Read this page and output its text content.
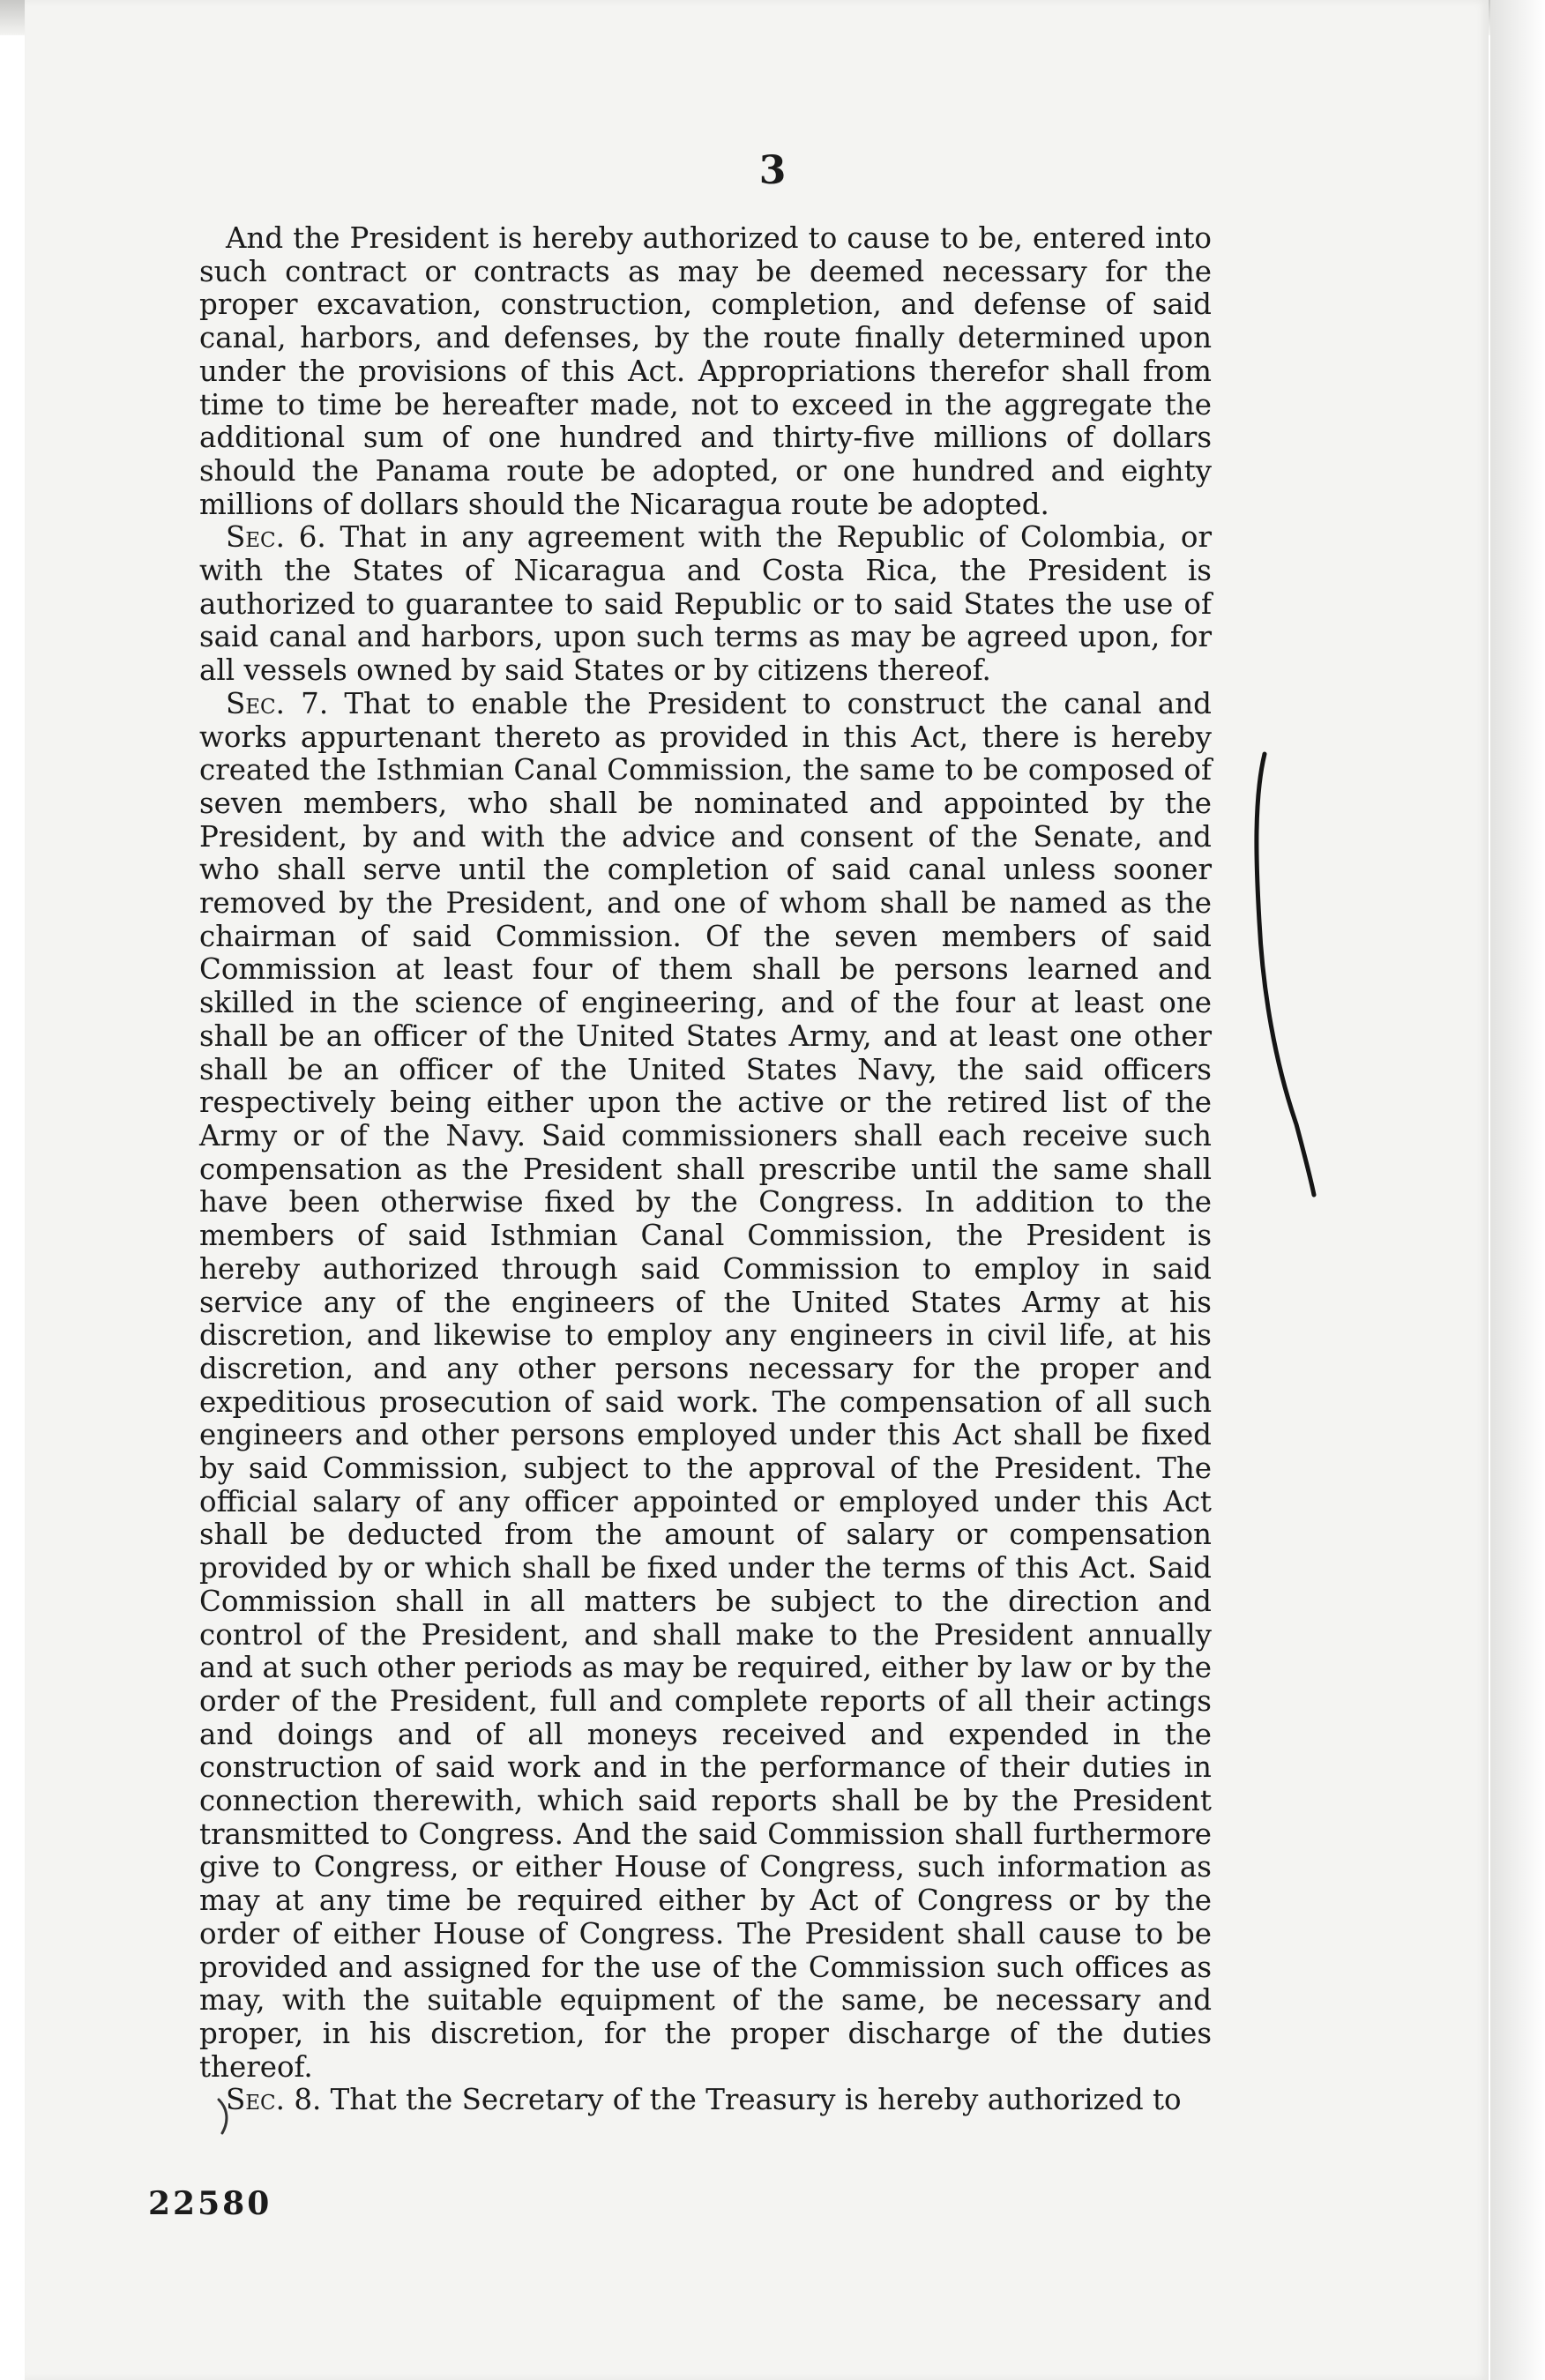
3

And the President is hereby authorized to cause to be, entered into such contract or contracts as may be deemed necessary for the proper excavation, construction, completion, and defense of said canal, harbors, and defenses, by the route finally determined upon under the provisions of this Act. Appropriations therefor shall from time to time be hereafter made, not to exceed in the aggregate the additional sum of one hundred and thirty-five millions of dollars should the Panama route be adopted, or one hundred and eighty millions of dollars should the Nicaragua route be adopted.

Sec. 6. That in any agreement with the Republic of Colombia, or with the States of Nicaragua and Costa Rica, the President is authorized to guarantee to said Republic or to said States the use of said canal and harbors, upon such terms as may be agreed upon, for all vessels owned by said States or by citizens thereof.

Sec. 7. That to enable the President to construct the canal and works appurtenant thereto as provided in this Act, there is hereby created the Isthmian Canal Commission, the same to be composed of seven members, who shall be nominated and appointed by the President, by and with the advice and consent of the Senate, and who shall serve until the completion of said canal unless sooner removed by the President, and one of whom shall be named as the chairman of said Commission. Of the seven members of said Commission at least four of them shall be persons learned and skilled in the science of engineering, and of the four at least one shall be an officer of the United States Army, and at least one other shall be an officer of the United States Navy, the said officers respectively being either upon the active or the retired list of the Army or of the Navy. Said commissioners shall each receive such compensation as the President shall prescribe until the same shall have been otherwise fixed by the Congress. In addition to the members of said Isthmian Canal Commission, the President is hereby authorized through said Commission to employ in said service any of the engineers of the United States Army at his discretion, and likewise to employ any engineers in civil life, at his discretion, and any other persons necessary for the proper and expeditious prosecution of said work. The compensation of all such engineers and other persons employed under this Act shall be fixed by said Commission, subject to the approval of the President. The official salary of any officer appointed or employed under this Act shall be deducted from the amount of salary or compensation provided by or which shall be fixed under the terms of this Act. Said Commission shall in all matters be subject to the direction and control of the President, and shall make to the President annually and at such other periods as may be required, either by law or by the order of the President, full and complete reports of all their actings and doings and of all moneys received and expended in the construction of said work and in the performance of their duties in connection therewith, which said reports shall be by the President transmitted to Congress. And the said Commission shall furthermore give to Congress, or either House of Congress, such information as may at any time be required either by Act of Congress or by the order of either House of Congress. The President shall cause to be provided and assigned for the use of the Commission such offices as may, with the suitable equipment of the same, be necessary and proper, in his discretion, for the proper discharge of the duties thereof.

Sec. 8. That the Secretary of the Treasury is hereby authorized to

22580
